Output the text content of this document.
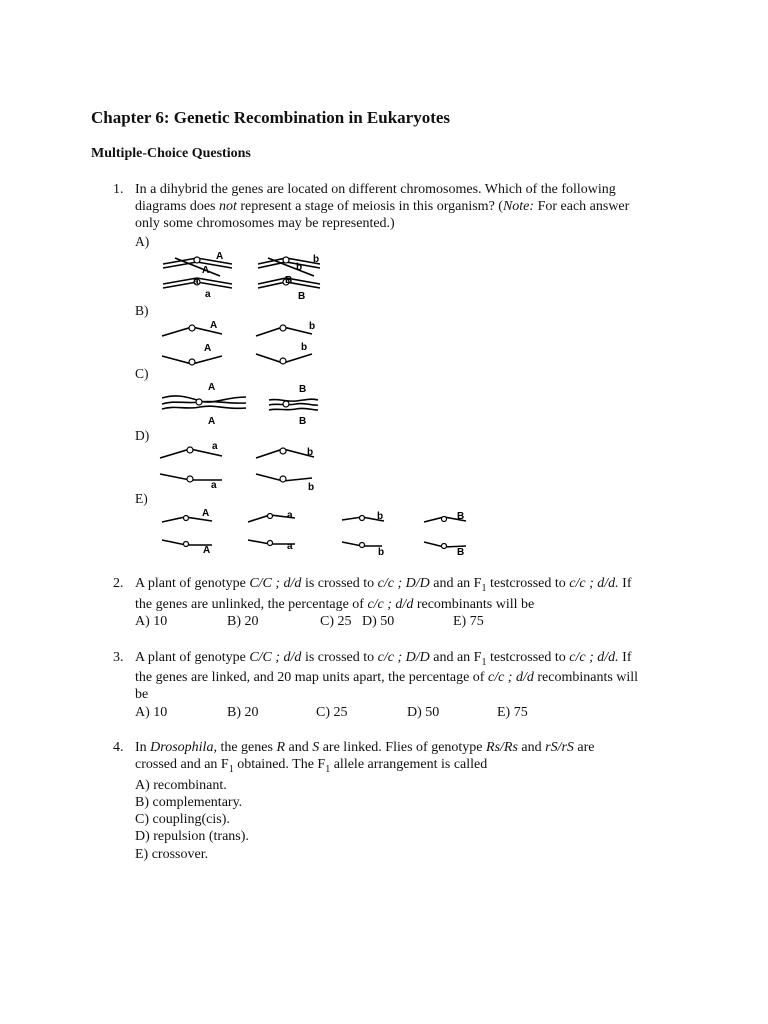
Chapter 6: Genetic Recombination in Eukaryotes
Multiple-Choice Questions
1. In a dihybrid the genes are located on different chromosomes. Which of the following
diagrams does not represent a stage of meiosis in this organism? (Note: For each answer
only some chromosomes may be represented.)
A)
B)
C)
D)
E)
A
A
a
a
b
b
B
B
A
A
b
b
A
A
B
B
a
a
b
b
A
A
a
a
b
b
B
B
2. A plant of genotype C/C ; d/d is crossed to c/c ; D/D and an $F_1$ testcrossed to c/c ; d/d. If
the genes are unlinked, the percentage of c/c ; d/d recombinants will be
A) 10	B) 20	C) 25 D) 50	E) 75
3. A plant of genotype C/C ; d/d is crossed to c/c ; D/D and an $F_1$ testcrossed to c/c ; d/d. If
the genes are linked, and 20 map units apart, the percentage of c/c ; d/d recombinants will
be
A) 10	B) 20	C) 25	D) 50	E) 75
4. In Drosophila, the genes R and S are linked. Flies of genotype Rs/Rs and rS/rS are
crossed and an $F_1$ obtained. The $F_1$ allele arrangement is called
A) recombinant.
B) complementary.
C) coupling(cis).
D) repulsion (trans).
E) crossover.
